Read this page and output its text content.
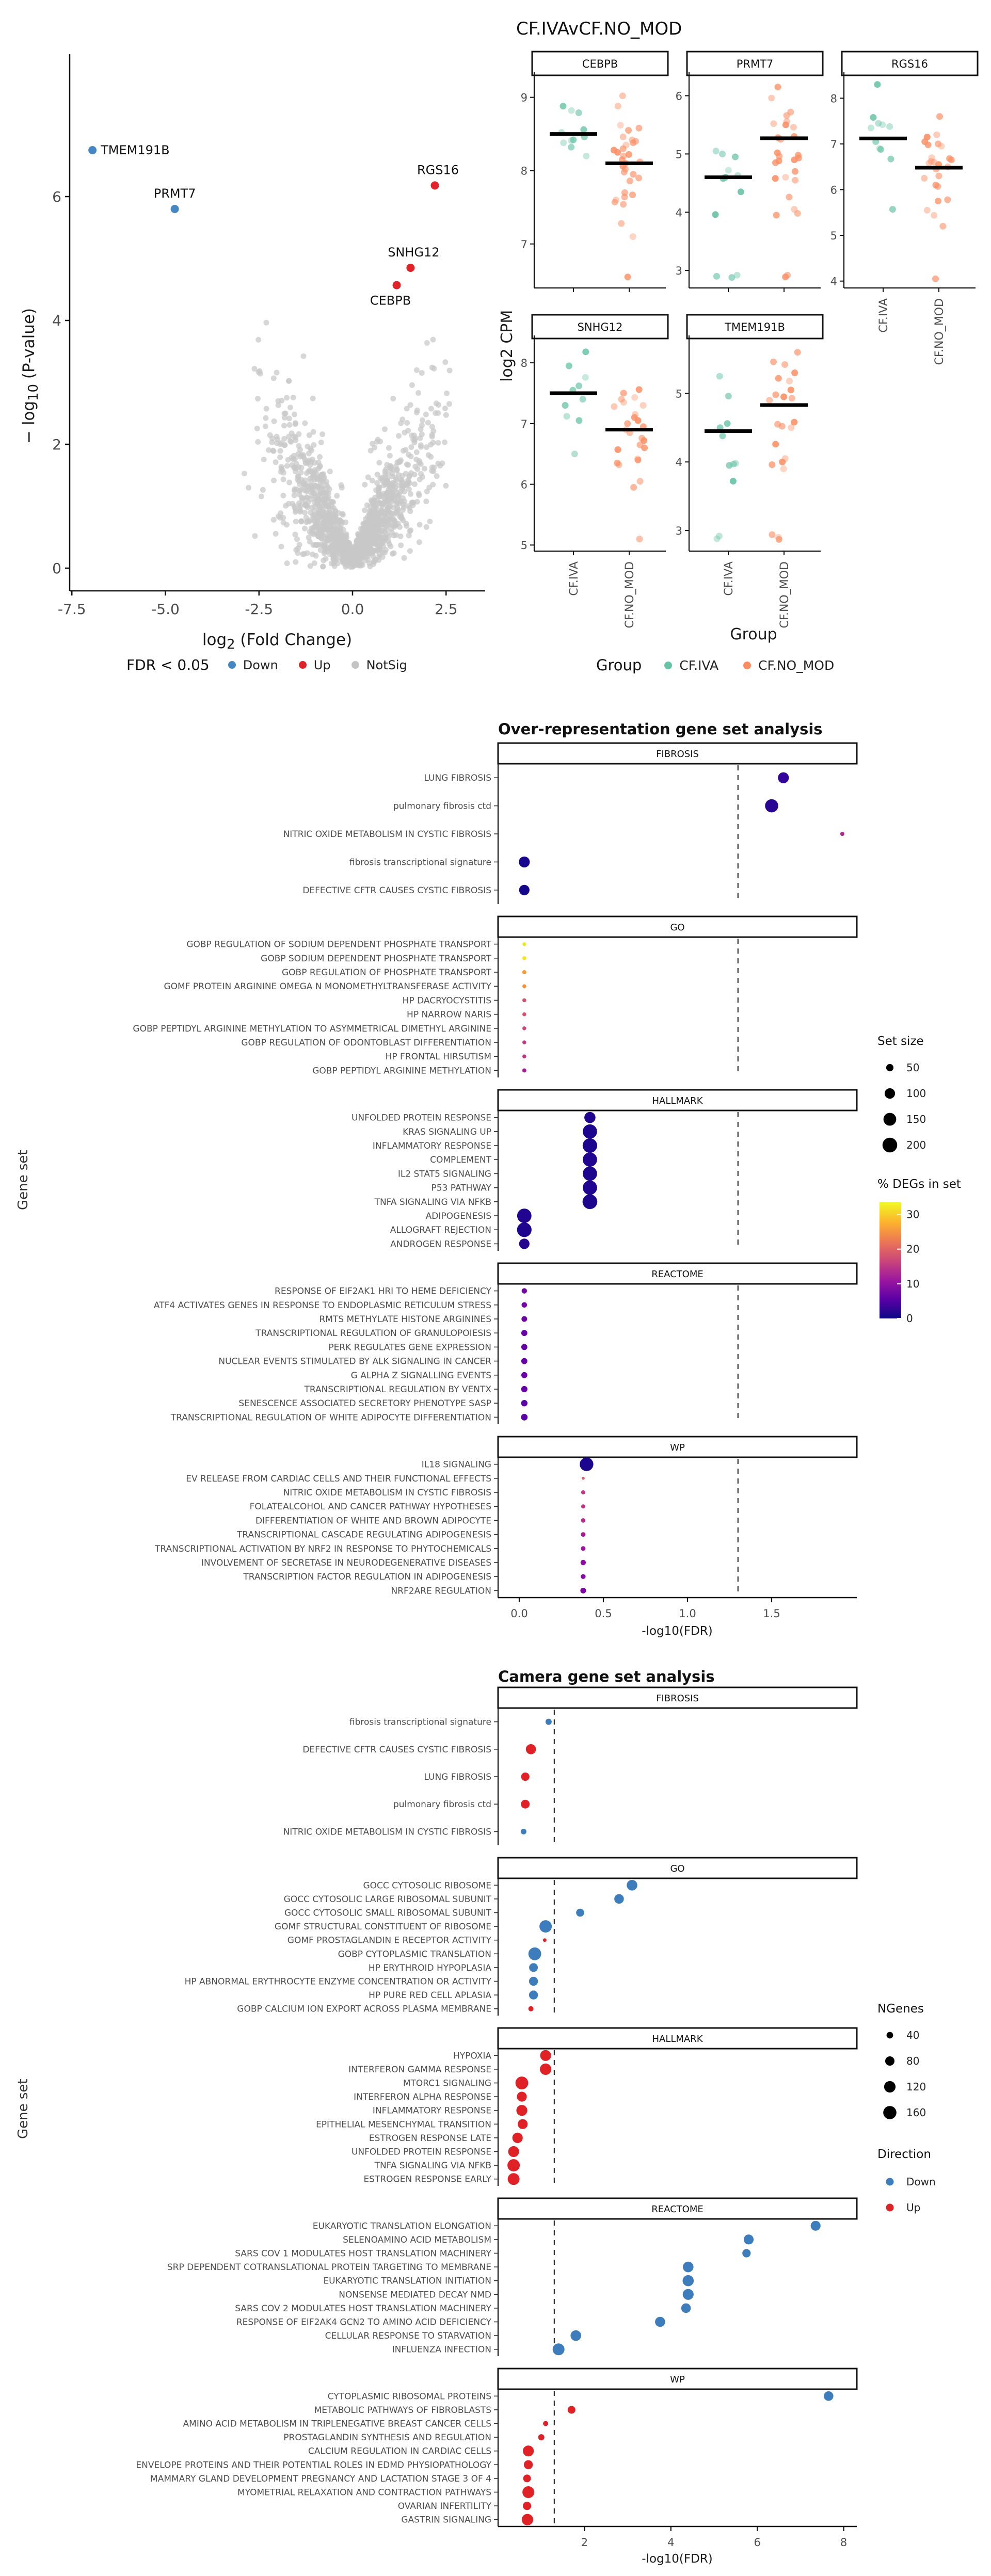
TMEM191B
PRMT7
RGS16
SNHG12
CEBPB
0
2
4
6
-7.5	-5.0	-2.5	0.0	2.5
$\log_2$ (Fold Change)
− $\log_{10}$ (P-value)
FDR < 0.05	Down	Up	NotSig
CF.IVAvCF.NO_MOD
CEBPB
7
8
9
PRMT7
3
4
5
6
RGS16
4
5
6
7
8
CF.IVA	CF.NO_MOD
SNHG12
5
6
7
8
CF.IVA	CF.NO_MOD
TMEM191B
3
4
5
CF.IVA	CF.NO_MOD
log2 CPM
Group
Group	CF.IVA	CF.NO_MOD
Over-representation gene set analysis
FIBROSIS
LUNG FIBROSIS
pulmonary fibrosis ctd
NITRIC OXIDE METABOLISM IN CYSTIC FIBROSIS
fibrosis transcriptional signature
DEFECTIVE CFTR CAUSES CYSTIC FIBROSIS
GO
GOBP REGULATION OF SODIUM DEPENDENT PHOSPHATE TRANSPORT
GOBP SODIUM DEPENDENT PHOSPHATE TRANSPORT
GOBP REGULATION OF PHOSPHATE TRANSPORT
GOMF PROTEIN ARGININE OMEGA N MONOMETHYLTRANSFERASE ACTIVITY
HP DACRYOCYSTITIS
HP NARROW NARIS
GOBP PEPTIDYL ARGININE METHYLATION TO ASYMMETRICAL DIMETHYL ARGININE
GOBP REGULATION OF ODONTOBLAST DIFFERENTIATION
HP FRONTAL HIRSUTISM
GOBP PEPTIDYL ARGININE METHYLATION
HALLMARK
UNFOLDED PROTEIN RESPONSE
KRAS SIGNALING UP
INFLAMMATORY RESPONSE
COMPLEMENT
IL2 STAT5 SIGNALING
P53 PATHWAY
TNFA SIGNALING VIA NFKB
ADIPOGENESIS
ALLOGRAFT REJECTION
ANDROGEN RESPONSE
REACTOME
RESPONSE OF EIF2AK1 HRI TO HEME DEFICIENCY
ATF4 ACTIVATES GENES IN RESPONSE TO ENDOPLASMIC RETICULUM STRESS
RMTS METHYLATE HISTONE ARGININES
TRANSCRIPTIONAL REGULATION OF GRANULOPOIESIS
PERK REGULATES GENE EXPRESSION
NUCLEAR EVENTS STIMULATED BY ALK SIGNALING IN CANCER
G ALPHA Z SIGNALLING EVENTS
TRANSCRIPTIONAL REGULATION BY VENTX
SENESCENCE ASSOCIATED SECRETORY PHENOTYPE SASP
TRANSCRIPTIONAL REGULATION OF WHITE ADIPOCYTE DIFFERENTIATION
WP
IL18 SIGNALING
EV RELEASE FROM CARDIAC CELLS AND THEIR FUNCTIONAL EFFECTS
NITRIC OXIDE METABOLISM IN CYSTIC FIBROSIS
FOLATEALCOHOL AND CANCER PATHWAY HYPOTHESES
DIFFERENTIATION OF WHITE AND BROWN ADIPOCYTE
TRANSCRIPTIONAL CASCADE REGULATING ADIPOGENESIS
TRANSCRIPTIONAL ACTIVATION BY NRF2 IN RESPONSE TO PHYTOCHEMICALS
INVOLVEMENT OF SECRETASE IN NEURODEGENERATIVE DISEASES
TRANSCRIPTION FACTOR REGULATION IN ADIPOGENESIS
NRF2ARE REGULATION
0.0	0.5	1.0	1.5
Set size
50
100
150
200
% DEGs in set
30
20
10
0
Gene set
-log10(FDR)
Camera gene set analysis
FIBROSIS
fibrosis transcriptional signature
DEFECTIVE CFTR CAUSES CYSTIC FIBROSIS
LUNG FIBROSIS
pulmonary fibrosis ctd
NITRIC OXIDE METABOLISM IN CYSTIC FIBROSIS
GO
GOCC CYTOSOLIC RIBOSOME
GOCC CYTOSOLIC LARGE RIBOSOMAL SUBUNIT
GOCC CYTOSOLIC SMALL RIBOSOMAL SUBUNIT
GOMF STRUCTURAL CONSTITUENT OF RIBOSOME
GOMF PROSTAGLANDIN E RECEPTOR ACTIVITY
GOBP CYTOPLASMIC TRANSLATION
HP ERYTHROID HYPOPLASIA
HP ABNORMAL ERYTHROCYTE ENZYME CONCENTRATION OR ACTIVITY
HP PURE RED CELL APLASIA
GOBP CALCIUM ION EXPORT ACROSS PLASMA MEMBRANE
HALLMARK
HYPOXIA
INTERFERON GAMMA RESPONSE
MTORC1 SIGNALING
INTERFERON ALPHA RESPONSE
INFLAMMATORY RESPONSE
EPITHELIAL MESENCHYMAL TRANSITION
ESTROGEN RESPONSE LATE
UNFOLDED PROTEIN RESPONSE
TNFA SIGNALING VIA NFKB
ESTROGEN RESPONSE EARLY
REACTOME
EUKARYOTIC TRANSLATION ELONGATION
SELENOAMINO ACID METABOLISM
SARS COV 1 MODULATES HOST TRANSLATION MACHINERY
SRP DEPENDENT COTRANSLATIONAL PROTEIN TARGETING TO MEMBRANE
EUKARYOTIC TRANSLATION INITIATION
NONSENSE MEDIATED DECAY NMD
SARS COV 2 MODULATES HOST TRANSLATION MACHINERY
RESPONSE OF EIF2AK4 GCN2 TO AMINO ACID DEFICIENCY
CELLULAR RESPONSE TO STARVATION
INFLUENZA INFECTION
WP
CYTOPLASMIC RIBOSOMAL PROTEINS
METABOLIC PATHWAYS OF FIBROBLASTS
AMINO ACID METABOLISM IN TRIPLENEGATIVE BREAST CANCER CELLS
PROSTAGLANDIN SYNTHESIS AND REGULATION
CALCIUM REGULATION IN CARDIAC CELLS
ENVELOPE PROTEINS AND THEIR POTENTIAL ROLES IN EDMD PHYSIOPATHOLOGY
MAMMARY GLAND DEVELOPMENT PREGNANCY AND LACTATION STAGE 3 OF 4
MYOMETRIAL RELAXATION AND CONTRACTION PATHWAYS
OVARIAN INFERTILITY
GASTRIN SIGNALING
2	4	6	8
NGenes
40
80
120
160
Direction
Down
Up
Gene set
-log10(FDR)
